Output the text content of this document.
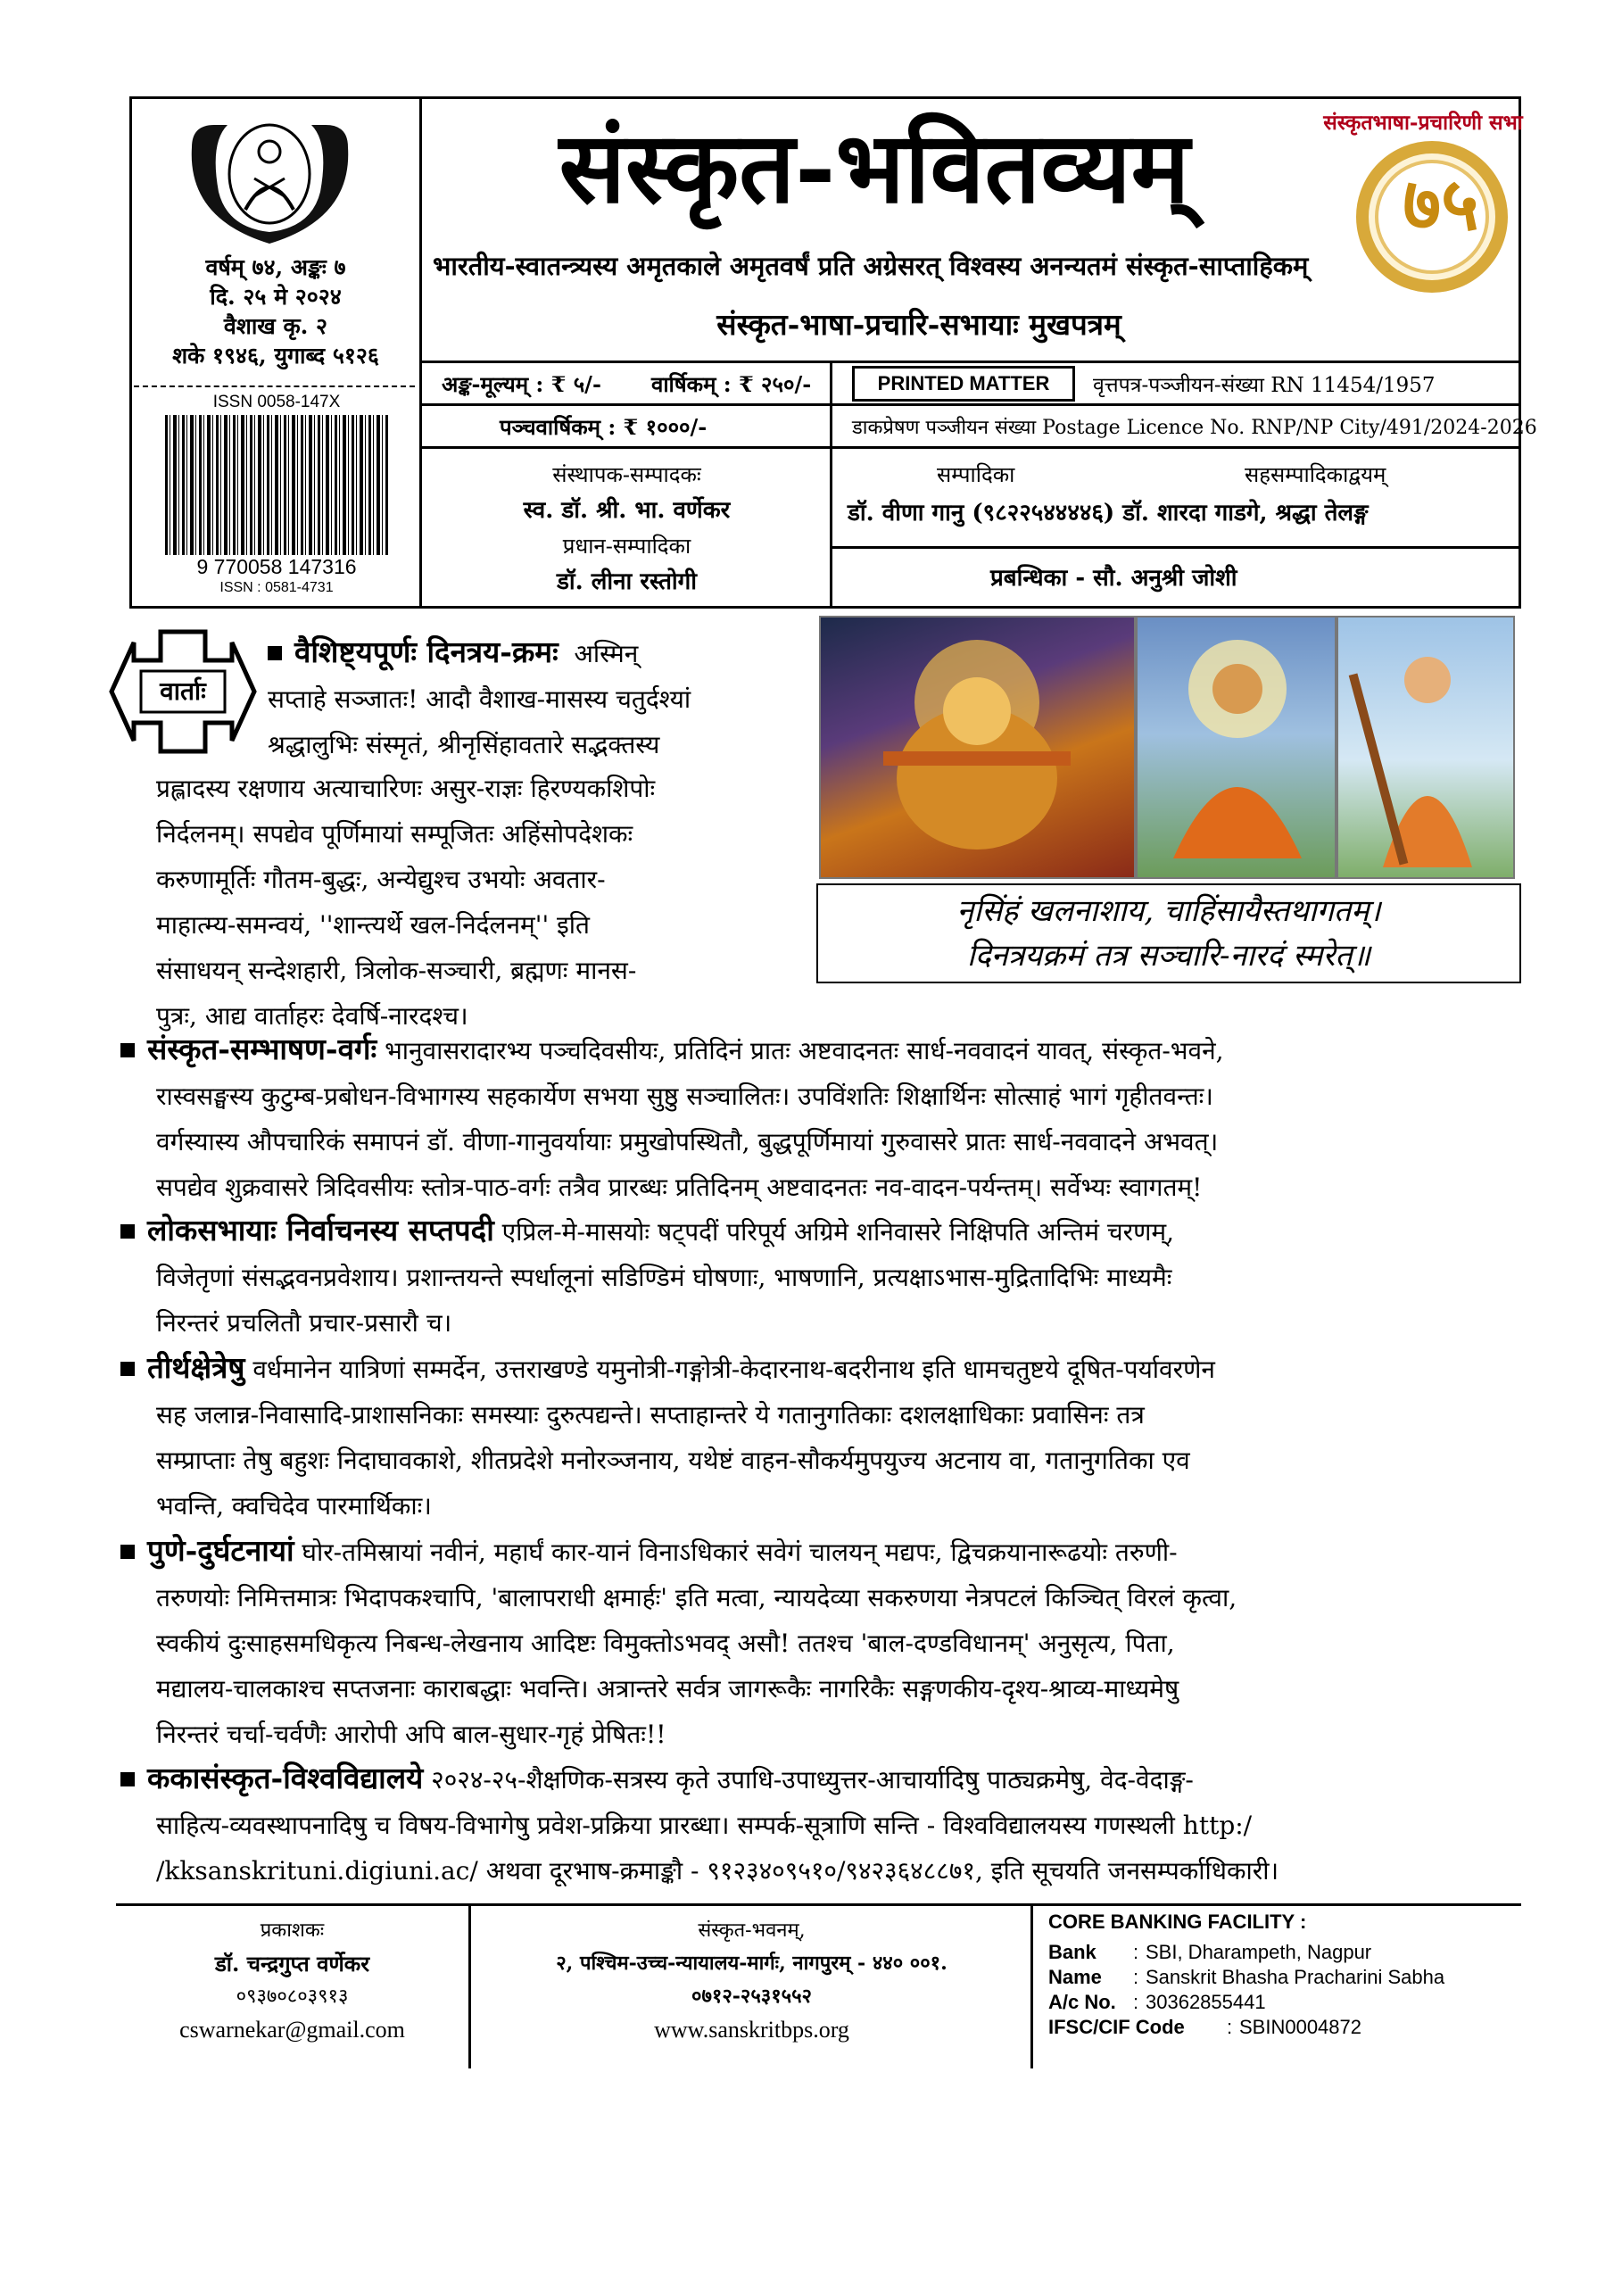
वर्षम् ७४, अङ्कः ७
दि. २५ मे २०२४
वैशाख कृ. २
शके १९४६, युगाब्द ५१२६
ISSN 0058-147X
9 770058 147316
ISSN : 0581-4731
संस्कृत-भवितव्यम्
भारतीय-स्वातन्त्र्यस्य अमृतकाले अमृतवर्षं प्रति अग्रेसरत् विश्वस्य अनन्यतमं संस्कृत-साप्ताहिकम्
संस्कृत-भाषा-प्रचारि-सभायाः मुखपत्रम्
७५
संस्कृतभाषा-प्रचारिणी सभा
अङ्क-मूल्यम् : ₹ ५/- वार्षिकम् : ₹ २५०/-	PRINTED MATTER	वृत्तपत्र-पञ्जीयन-संख्या RN 11454/1957
पञ्चवार्षिकम् : ₹ १०००/-	डाकप्रेषण पञ्जीयन संख्या Postage Licence No. RNP/NP City/491/2024-2026
संस्थापक-सम्पादकः
स्व. डॉ. श्री. भा. वर्णेकर
प्रधान-सम्पादिका
डॉ. लीना रस्तोगी
सम्पादिका	सहसम्पादिकाद्वयम्
डॉ. वीणा गानु (९८२२५४४४४६) डॉ. शारदा गाडगे, श्रद्धा तेलङ्ग
प्रबन्धिका - सौ. अनुश्री जोशी
वार्ताः
वैशिष्ट्यपूर्णः दिनत्रय-क्रमः अस्मिन्
सप्ताहे सञ्जातः! आदौ वैशाख-मासस्य चतुर्दश्यां
श्रद्धालुभिः संस्मृतं, श्रीनृसिंहावतारे सद्भक्तस्य
प्रह्लादस्य रक्षणाय अत्याचारिणः असुर-राज्ञः हिरण्यकशिपोः
निर्दलनम्। सपद्येव पूर्णिमायां सम्पूजितः अहिंसोपदेशकः
करुणामूर्तिः गौतम-बुद्धः, अन्येद्युश्च उभयोः अवतार-
माहात्म्य-समन्वयं, ''शान्त्यर्थे खल-निर्दलनम्'' इति
संसाधयन् सन्देशहारी, त्रिलोक-सञ्चारी, ब्रह्मणः मानस-
पुत्रः, आद्य वार्ताहरः देवर्षि-नारदश्च।
नृसिंहं खलनाशाय, चाहिंसायैस्तथागतम्।
दिनत्रयक्रमं तत्र सञ्चारि-नारदं स्मरेत्॥
संस्कृत-सम्भाषण-वर्गः भानुवासरादारभ्य पञ्चदिवसीयः, प्रतिदिनं प्रातः अष्टवादनतः सार्ध-नववादनं यावत्, संस्कृत-भवने,
रास्वसङ्घस्य कुटुम्ब-प्रबोधन-विभागस्य सहकार्येण सभया सुष्ठु सञ्चालितः। उपविंशतिः शिक्षार्थिनः सोत्साहं भागं गृहीतवन्तः।
वर्गस्यास्य औपचारिकं समापनं डॉ. वीणा-गानुवर्यायाः प्रमुखोपस्थितौ, बुद्धपूर्णिमायां गुरुवासरे प्रातः सार्ध-नववादने अभवत्।
सपद्येव शुक्रवासरे त्रिदिवसीयः स्तोत्र-पाठ-वर्गः तत्रैव प्रारब्धः प्रतिदिनम् अष्टवादनतः नव-वादन-पर्यन्तम्। सर्वेभ्यः स्वागतम्!
लोकसभायाः निर्वाचनस्य सप्तपदी एप्रिल-मे-मासयोः षट्पदीं परिपूर्य अग्रिमे शनिवासरे निक्षिपति अन्तिमं चरणम्,
विजेतृणां संसद्भवनप्रवेशाय। प्रशान्तयन्ते स्पर्धालूनां सडिण्डिमं घोषणाः, भाषणानि, प्रत्यक्षाऽभास-मुद्रितादिभिः माध्यमैः
निरन्तरं प्रचलितौ प्रचार-प्रसारौ च।
तीर्थक्षेत्रेषु वर्धमानेन यात्रिणां सम्मर्देन, उत्तराखण्डे यमुनोत्री-गङ्गोत्री-केदारनाथ-बदरीनाथ इति धामचतुष्टये दूषित-पर्यावरणेन
सह जलान्न-निवासादि-प्राशासनिकाः समस्याः दुरुत्पद्यन्ते। सप्ताहान्तरे ये गतानुगतिकाः दशलक्षाधिकाः प्रवासिनः तत्र
सम्प्राप्ताः तेषु बहुशः निदाघावकाशे, शीतप्रदेशे मनोरञ्जनाय, यथेष्टं वाहन-सौकर्यमुपयुज्य अटनाय वा, गतानुगतिका एव
भवन्ति, क्वचिदेव पारमार्थिकाः।
पुणे-दुर्घटनायां घोर-तमिस्रायां नवीनं, महार्घं कार-यानं विनाऽधिकारं सवेगं चालयन् मद्यपः, द्विचक्रयानारूढयोः तरुणी-
तरुणयोः निमित्तमात्रः भिदापकश्चापि, 'बालापराधी क्षमार्हः' इति मत्वा, न्यायदेव्या सकरुणया नेत्रपटलं किञ्चित् विरलं कृत्वा,
स्वकीयं दुःसाहसमधिकृत्य निबन्ध-लेखनाय आदिष्टः विमुक्तोऽभवद् असौ! ततश्च 'बाल-दण्डविधानम्' अनुसृत्य, पिता,
मद्यालय-चालकाश्च सप्तजनाः काराबद्धाः भवन्ति। अत्रान्तरे सर्वत्र जागरूकैः नागरिकैः सङ्गणकीय-दृश्य-श्राव्य-माध्यमेषु
निरन्तरं चर्चा-चर्वणैः आरोपी अपि बाल-सुधार-गृहं प्रेषितः!!
ककासंस्कृत-विश्वविद्यालये २०२४-२५-शैक्षणिक-सत्रस्य कृते उपाधि-उपाध्युत्तर-आचार्यादिषु पाठ्यक्रमेषु, वेद-वेदाङ्ग-
साहित्य-व्यवस्थापनादिषु च विषय-विभागेषु प्रवेश-प्रक्रिया प्रारब्धा। सम्पर्क-सूत्राणि सन्ति - विश्वविद्यालयस्य गणस्थली http:/
/kksanskrituni.digiuni.ac/ अथवा दूरभाष-क्रमाङ्कौ - ९१२३४०९५१०/९४२३६४८८७१, इति सूचयति जनसम्पर्काधिकारी।
प्रकाशकः
डॉ. चन्द्रगुप्त वर्णेकर
०९३७०८०३९१३
cswarnekar@gmail.com
संस्कृत-भवनम्,
२, पश्चिम-उच्च-न्यायालय-मार्गः, नागपुरम् - ४४० ००१.
०७१२-२५३१५५२
www.sanskritbps.org
CORE BANKING FACILITY :
Bank	: SBI, Dharampeth, Nagpur
Name	: Sanskrit Bhasha Pracharini Sabha
A/c No. : 30362855441
IFSC/CIF Code	: SBIN0004872
